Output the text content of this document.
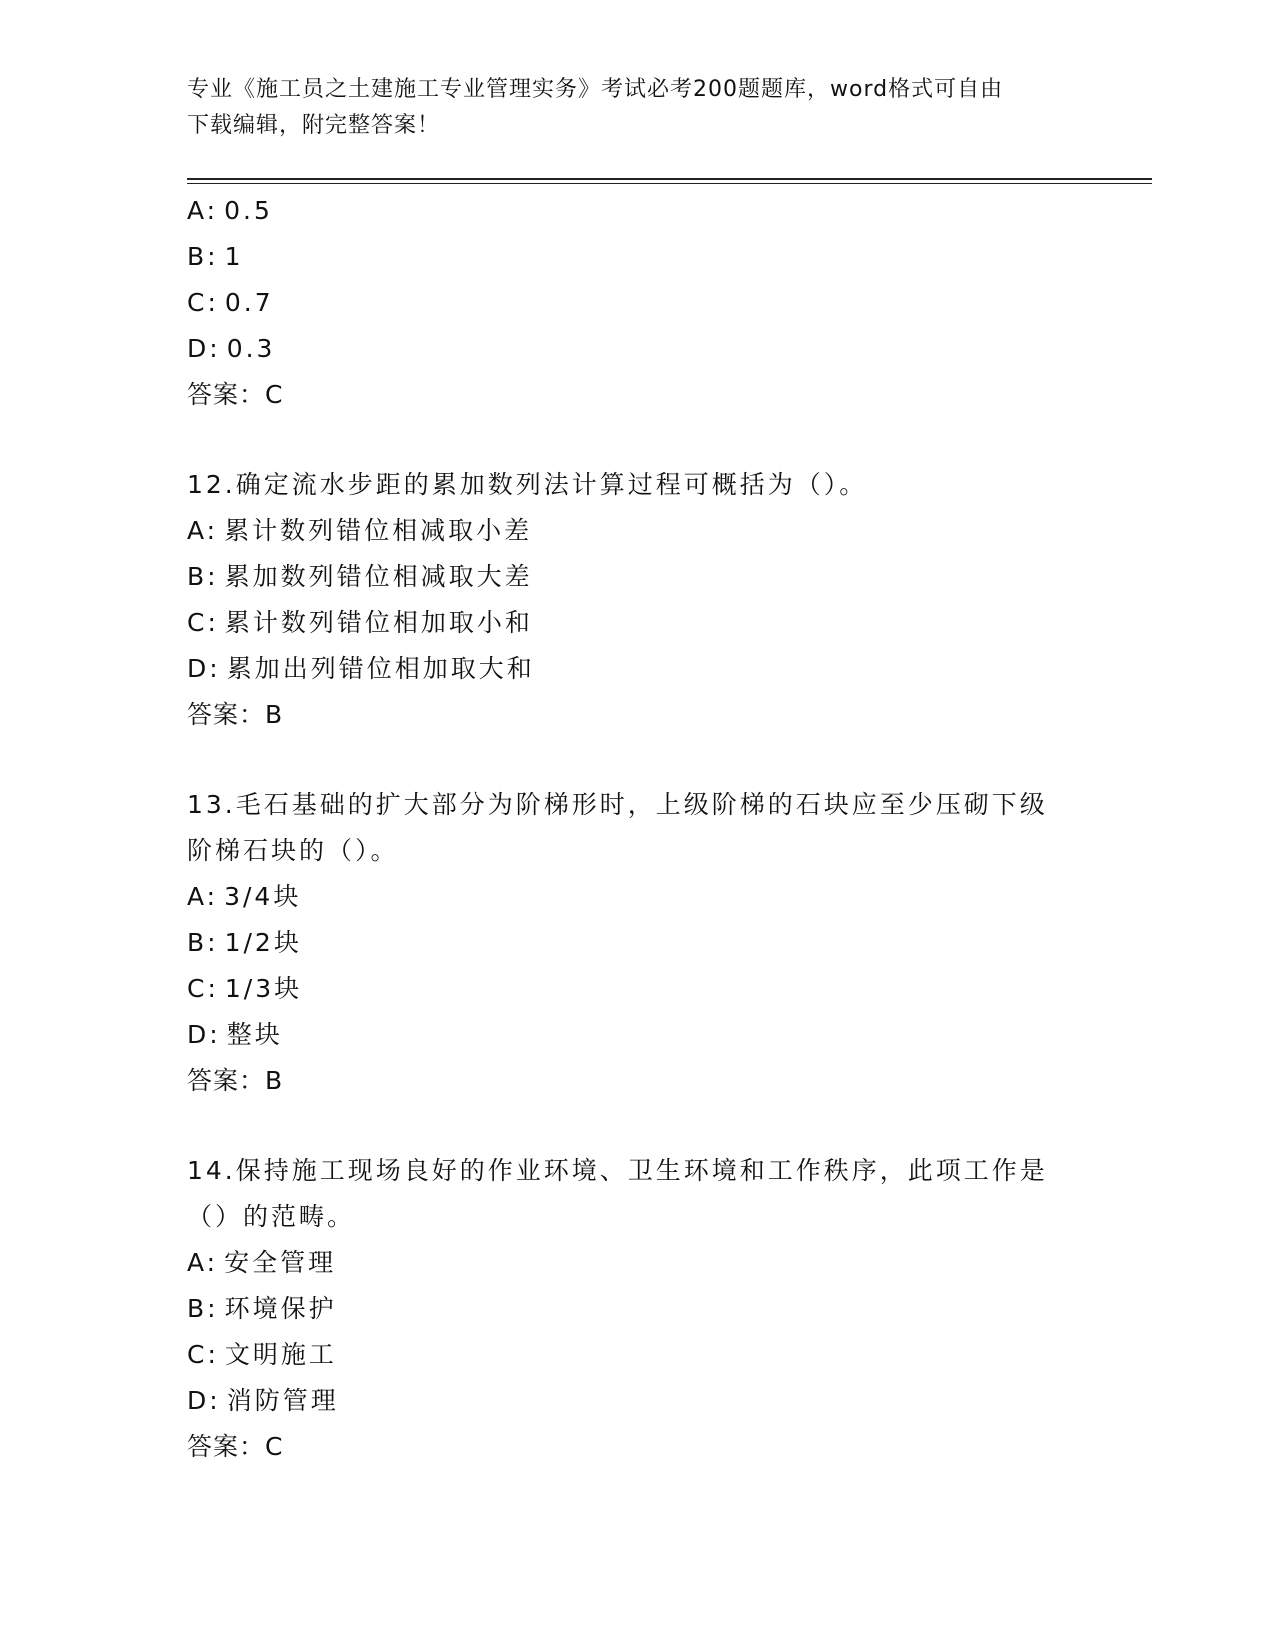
专业《施工员之土建施工专业管理实务》考试必考200题题库，word格式可自由
下载编辑，附完整答案！
A: 0.5
B: 1
C: 0.7
D: 0.3
答案：C
12.确定流水步距的累加数列法计算过程可概括为（）。
A: 累计数列错位相减取小差
B: 累加数列错位相减取大差
C: 累计数列错位相加取小和
D: 累加出列错位相加取大和
答案：B
13.毛石基础的扩大部分为阶梯形时，上级阶梯的石块应至少压砌下级
阶梯石块的（）。
A: 3/4块
B: 1/2块
C: 1/3块
D: 整块
答案：B
14.保持施工现场良好的作业环境、卫生环境和工作秩序，此项工作是
（）的范畴。
A: 安全管理
B: 环境保护
C: 文明施工
D: 消防管理
答案：C
